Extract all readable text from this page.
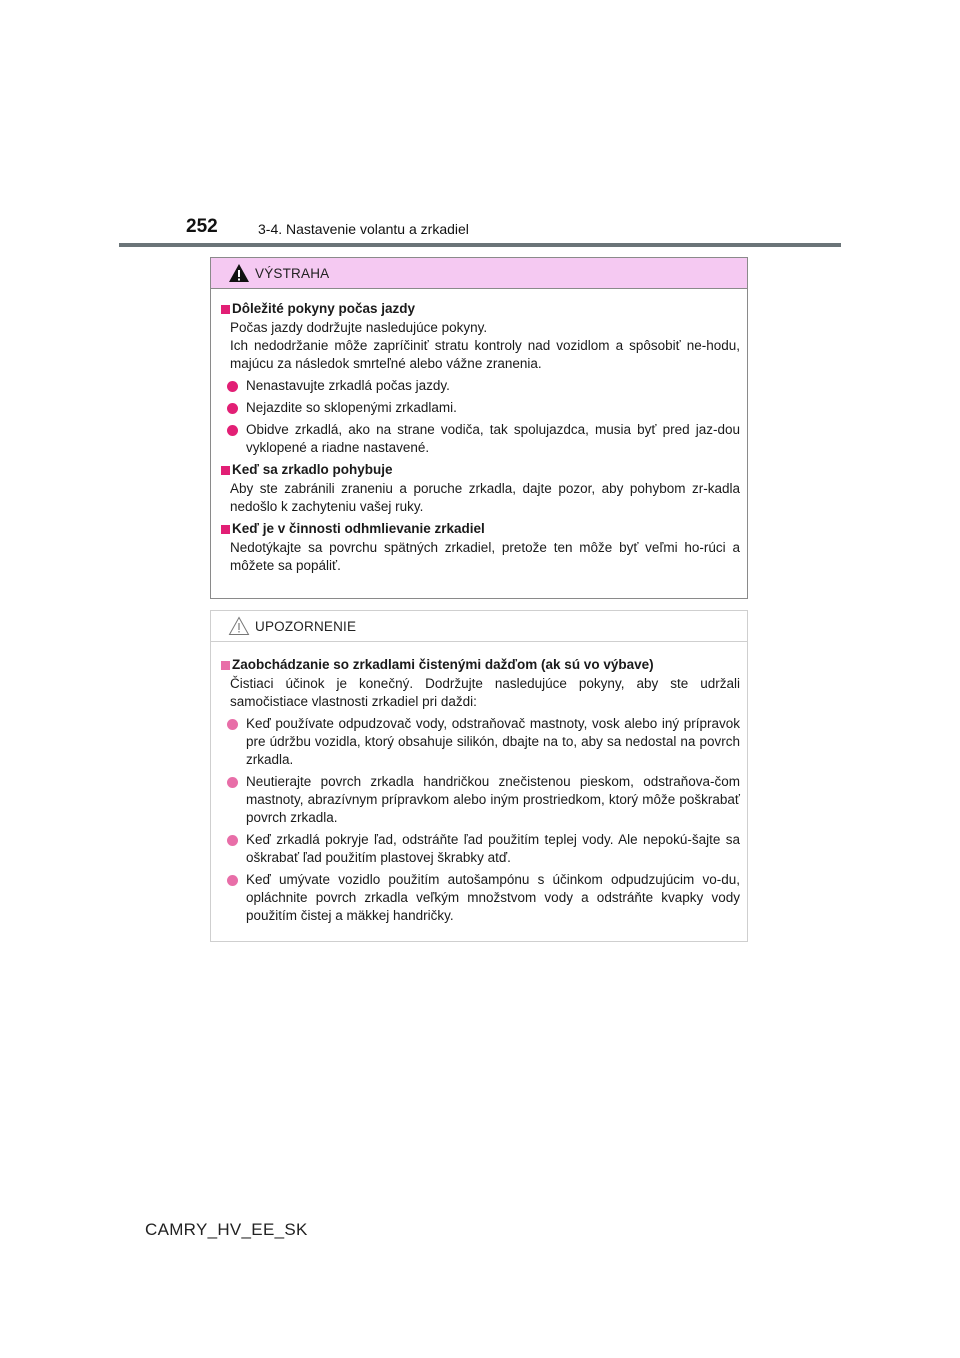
252	3-4. Nastavenie volantu a zrkadiel
VÝSTRAHA
Dôležité pokyny počas jazdy
Počas jazdy dodržujte nasledujúce pokyny.
Ich nedodržanie môže zapríčiniť stratu kontroly nad vozidlom a spôsobiť ne-hodu, majúcu za následok smrteľné alebo vážne zranenia.
Nenastavujte zrkadlá počas jazdy.
Nejazdite so sklopenými zrkadlami.
Obidve zrkadlá, ako na strane vodiča, tak spolujazdca, musia byť pred jaz-dou vyklopené a riadne nastavené.
Keď sa zrkadlo pohybuje
Aby ste zabránili zraneniu a poruche zrkadla, dajte pozor, aby pohybom zr-kadla nedošlo k zachyteniu vašej ruky.
Keď je v činnosti odhmlievanie zrkadiel
Nedotýkajte sa povrchu spätných zrkadiel, pretože ten môže byť veľmi ho-rúci a môžete sa popáliť.
UPOZORNENIE
Zaobchádzanie so zrkadlami čistenými dažďom (ak sú vo výbave)
Čistiaci účinok je konečný. Dodržujte nasledujúce pokyny, aby ste udržali samočistiace vlastnosti zrkadiel pri daždi:
Keď používate odpudzovač vody, odstraňovač mastnoty, vosk alebo iný prípravok pre údržbu vozidla, ktorý obsahuje silikón, dbajte na to, aby sa nedostal na povrch zrkadla.
Neutierajte povrch zrkadla handričkou znečistenou pieskom, odstraňova-čom mastnoty, abrazívnym prípravkom alebo iným prostriedkom, ktorý môže poškrabať povrch zrkadla.
Keď zrkadlá pokryje ľad, odstráňte ľad použitím teplej vody. Ale nepokú-šajte sa oškrabať ľad použitím plastovej škrabky atď.
Keď umývate vozidlo použitím autošampónu s účinkom odpudzujúcim vo-du, opláchnite povrch zrkadla veľkým množstvom vody a odstráňte kvapky vody použitím čistej a mäkkej handričky.
CAMRY_HV_EE_SK
